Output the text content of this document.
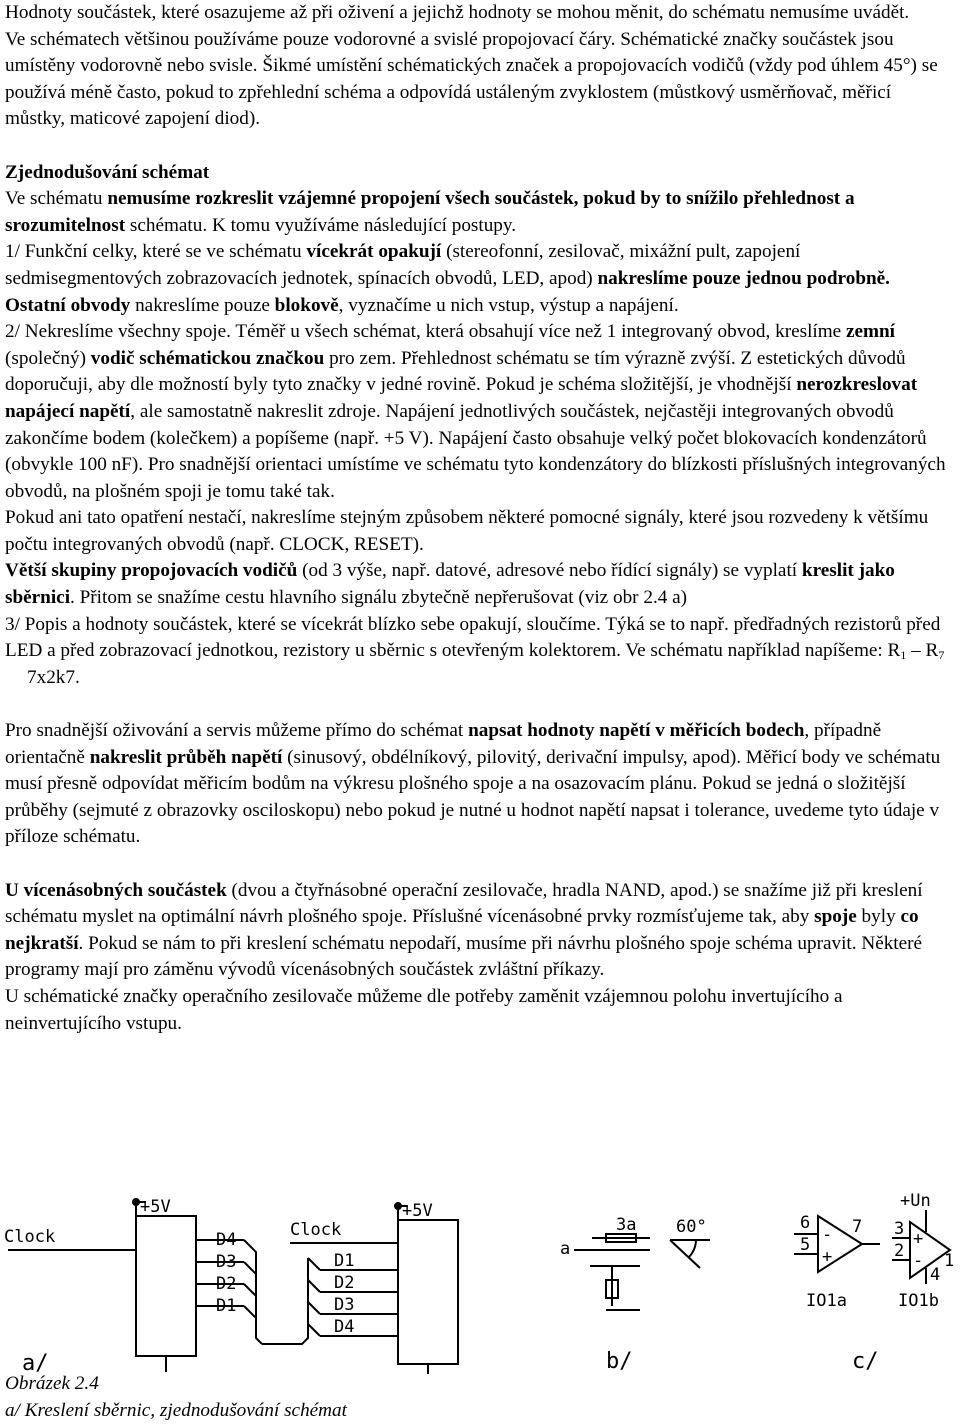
Hodnoty součástek, které osazujeme až při oživení a jejichž hodnoty se mohou měnit, do schématu nemusíme uvádět.

Ve schématech většinou používáme pouze vodorovné a svislé propojovací čáry. Schématické značky součástek jsou umístěny vodorovně nebo svisle. Šikmé umístění schématických značek a propojovacích vodičů (vždy pod úhlem 45°) se používá méně často, pokud to zpřehlední schéma a odpovídá ustáleným zvyklostem (můstkový usměrňovač, měřicí můstky, maticové zapojení diod).

Zjednodušování schémat

Ve schématu nemusíme rozkreslit vzájemné propojení všech součástek, pokud by to snížilo přehlednost a srozumitelnost schématu. K tomu využíváme následující postupy.

1/ Funkční celky, které se ve schématu vícekrát opakují (stereofonní, zesilovač, mixážní pult, zapojení sedmisegmentových zobrazovacích jednotek, spínacích obvodů, LED, apod) nakreslíme pouze jednou podrobně. Ostatní obvody nakreslíme pouze blokově, vyznačíme u nich vstup, výstup a napájení.

2/ Nekreslíme všechny spoje. Téměř u všech schémat, která obsahují více než 1 integrovaný obvod, kreslíme zemní (společný) vodič schématickou značkou pro zem. Přehlednost schématu se tím výrazně zvýší. Z estetických důvodů doporučuji, aby dle možností byly tyto značky v jedné rovině. Pokud je schéma složitější, je vhodnější nerozkreslovat napájecí napětí, ale samostatně nakreslit zdroje. Napájení jednotlivých součástek, nejčastěji integrovaných obvodů zakončíme bodem (kolečkem) a popíšeme (např. +5 V). Napájení často obsahuje velký počet blokovacích kondenzátorů (obvykle 100 nF). Pro snadnější orientaci umístíme ve schématu tyto kondenzátory do blízkosti příslušných integrovaných obvodů, na plošném spoji je tomu také tak.

Pokud ani tato opatření nestačí, nakreslíme stejným způsobem některé pomocné signály, které jsou rozvedeny k většímu počtu integrovaných obvodů (např. CLOCK, RESET).

Větší skupiny propojovacích vodičů (od 3 výše, např. datové, adresové nebo řídící signály) se vyplatí kreslit jako sběrnici. Přitom se snažíme cestu hlavního signálu zbytečně nepřerušovat (viz obr 2.4 a)

3/ Popis a hodnoty součástek, které se vícekrát blízko sebe opakují, sloučíme. Týká se to např. předřadných rezistorů před LED a před zobrazovací jednotkou, rezistory u sběrnic s otevřeným kolektorem. Ve schématu například napíšeme: $R_1 - R_77x2k7$.

Pro snadnější oživování a servis můžeme přímo do schémat napsat hodnoty napětí v měřicích bodech, případně orientačně nakreslit průběh napětí (sinusový, obdélníkový, pilovitý, derivační impulsy, apod). Měřicí body ve schématu musí přesně odpovídat měřicím bodům na výkresu plošného spoje a na osazovacím plánu. Pokud se jedná o složitější průběhy (sejmuté z obrazovky osciloskopu) nebo pokud je nutné u hodnot napětí napsat i tolerance, uvedeme tyto údaje v příloze schématu.

U vícenásobných součástek (dvou a čtyřnásobné operační zesilovače, hradla NAND, apod.) se snažíme již při kreslení schématu myslet na optimální návrh plošného spoje. Příslušné vícenásobné prvky rozmísťujeme tak, aby spoje byly co nejkratší. Pokud se nám to při kreslení schématu nepodaří, musíme při návrhu plošného spoje schéma upravit. Některé programy mají pro záměnu vývodů vícenásobných součástek zvláštní příkazy.

U schématické značky operačního zesilovače můžeme dle potřeby zaměnit vzájemnou polohu invertujícího a neinvertujícího vstupu.

+5V
Clock	D4
D3
D2
D1
+5V
Clock
D1
D2
D3
D4
3a
a
60°	6
5 -
+
7
IO1a
+Un
3
2
+
- 1
4
IO1b
a/	b/	c/
Obrázek 2.4
a/ Kreslení sběrnic, zjednodušování schémat
